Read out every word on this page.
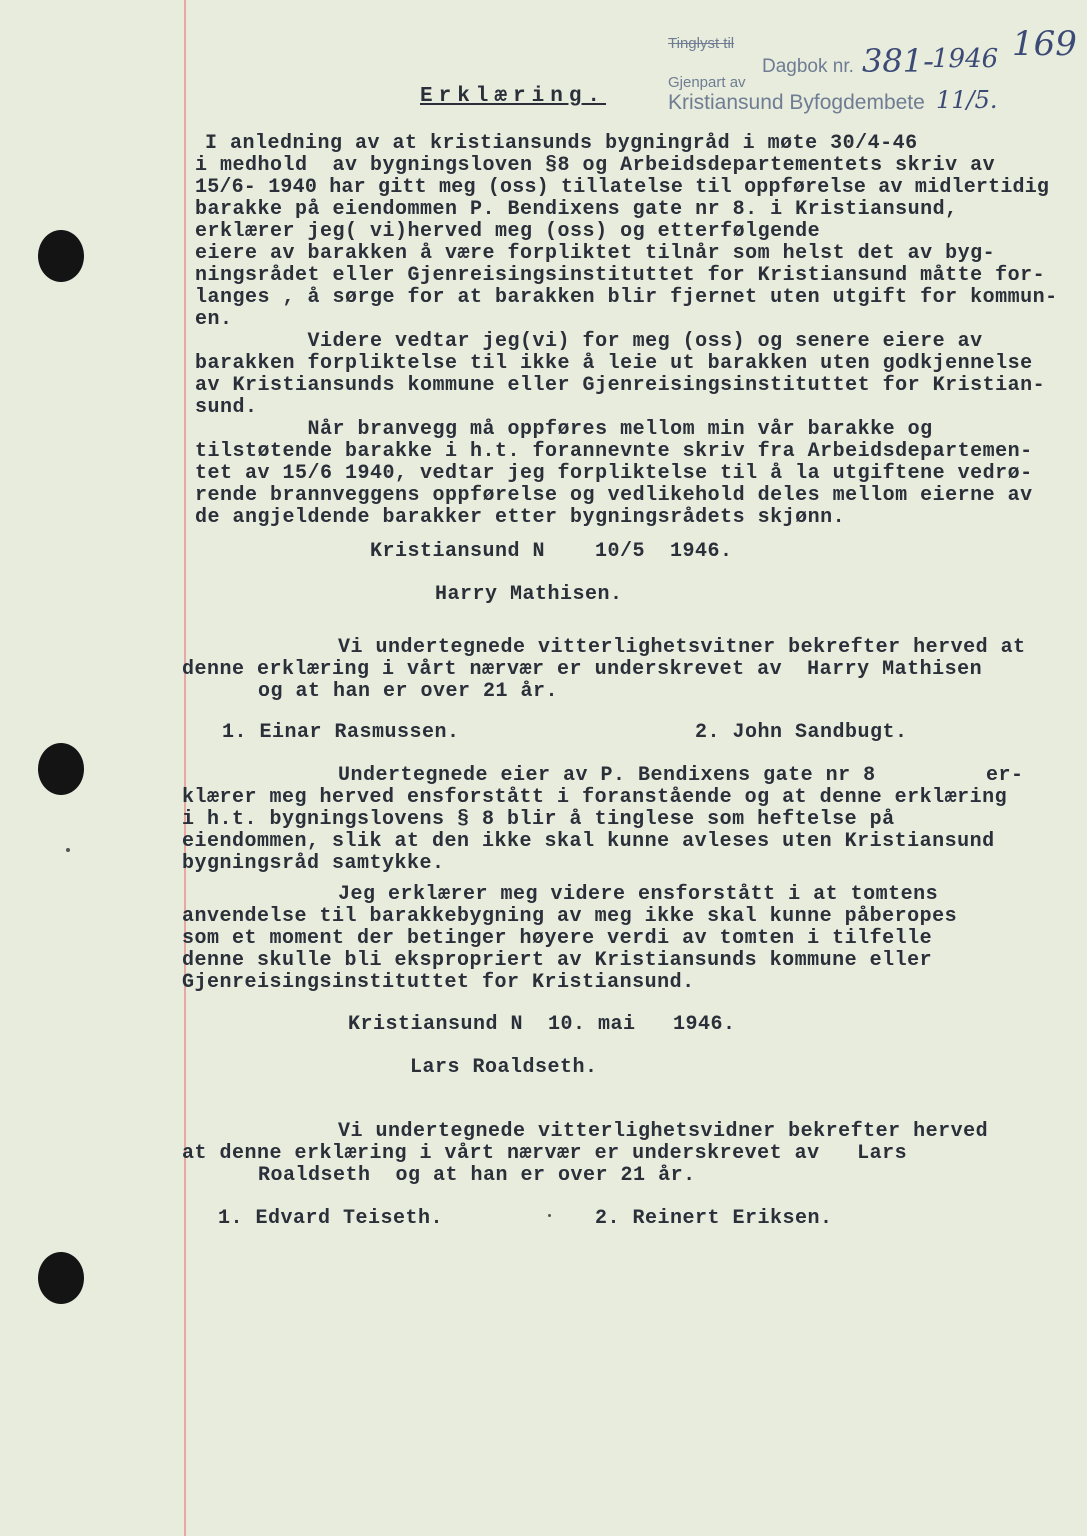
Tinglyst til
Dagbok nr. 381-
1946 169
Gjenpart av
Kristiansund Byfogdembete 11/5.
Erklæring.
I anledning av at kristiansunds bygningråd i møte 30/4-46
i medhold  av bygningsloven §8 og Arbeidsdepartementets skriv av
15/6- 1940 har gitt meg (oss) tillatelse til oppførelse av midlertidig
barakke på eiendommen P. Bendixens gate nr 8. i Kristiansund,
erklærer jeg( vi)herved meg (oss) og etterfølgende
eiere av barakken å være forpliktet tilnår som helst det av byg-
ningsrådet eller Gjenreisingsinstituttet for Kristiansund måtte for-
langes , å sørge for at barakken blir fjernet uten utgift for kommun-
en.
Videre vedtar jeg(vi) for meg (oss) og senere eiere av
barakken forpliktelse til ikke å leie ut barakken uten godkjennelse
av Kristiansunds kommune eller Gjenreisingsinstituttet for Kristian-
sund.
Når branvegg må oppføres mellom min vår barakke og
tilstøtende barakke i h.t. forannevnte skriv fra Arbeidsdepartemen-
tet av 15/6 1940, vedtar jeg forpliktelse til å la utgiftene vedrø-
rende brannveggens oppførelse og vedlikehold deles mellom eierne av
de angjeldende barakker etter bygningsrådets skjønn.
Kristiansund N    10/5  1946.
Harry Mathisen.
Vi undertegnede vitterlighetsvitner bekrefter herved at
denne erklæring i vårt nærvær er underskrevet av  Harry Mathisen
og at han er over 21 år.
1. Einar Rasmussen.	2. John Sandbugt.
Undertegnede eier av P. Bendixens gate nr 8	er-
klærer meg herved ensforstått i foranstående og at denne erklæring
i h.t. bygningslovens § 8 blir å tinglese som heftelse på
eiendommen, slik at den ikke skal kunne avleses uten Kristiansund
bygningsråd samtykke.
Jeg erklærer meg videre ensforstått i at tomtens
anvendelse til barakkebygning av meg ikke skal kunne påberopes
som et moment der betinger høyere verdi av tomten i tilfelle
denne skulle bli ekspropriert av Kristiansunds kommune eller
Gjenreisingsinstituttet for Kristiansund.
Kristiansund N  10. mai   1946.
Lars Roaldseth.
Vi undertegnede vitterlighetsvidner bekrefter herved
at denne erklæring i vårt nærvær er underskrevet av   Lars
Roaldseth  og at han er over 21 år.
1. Edvard Teiseth.	2. Reinert Eriksen.
